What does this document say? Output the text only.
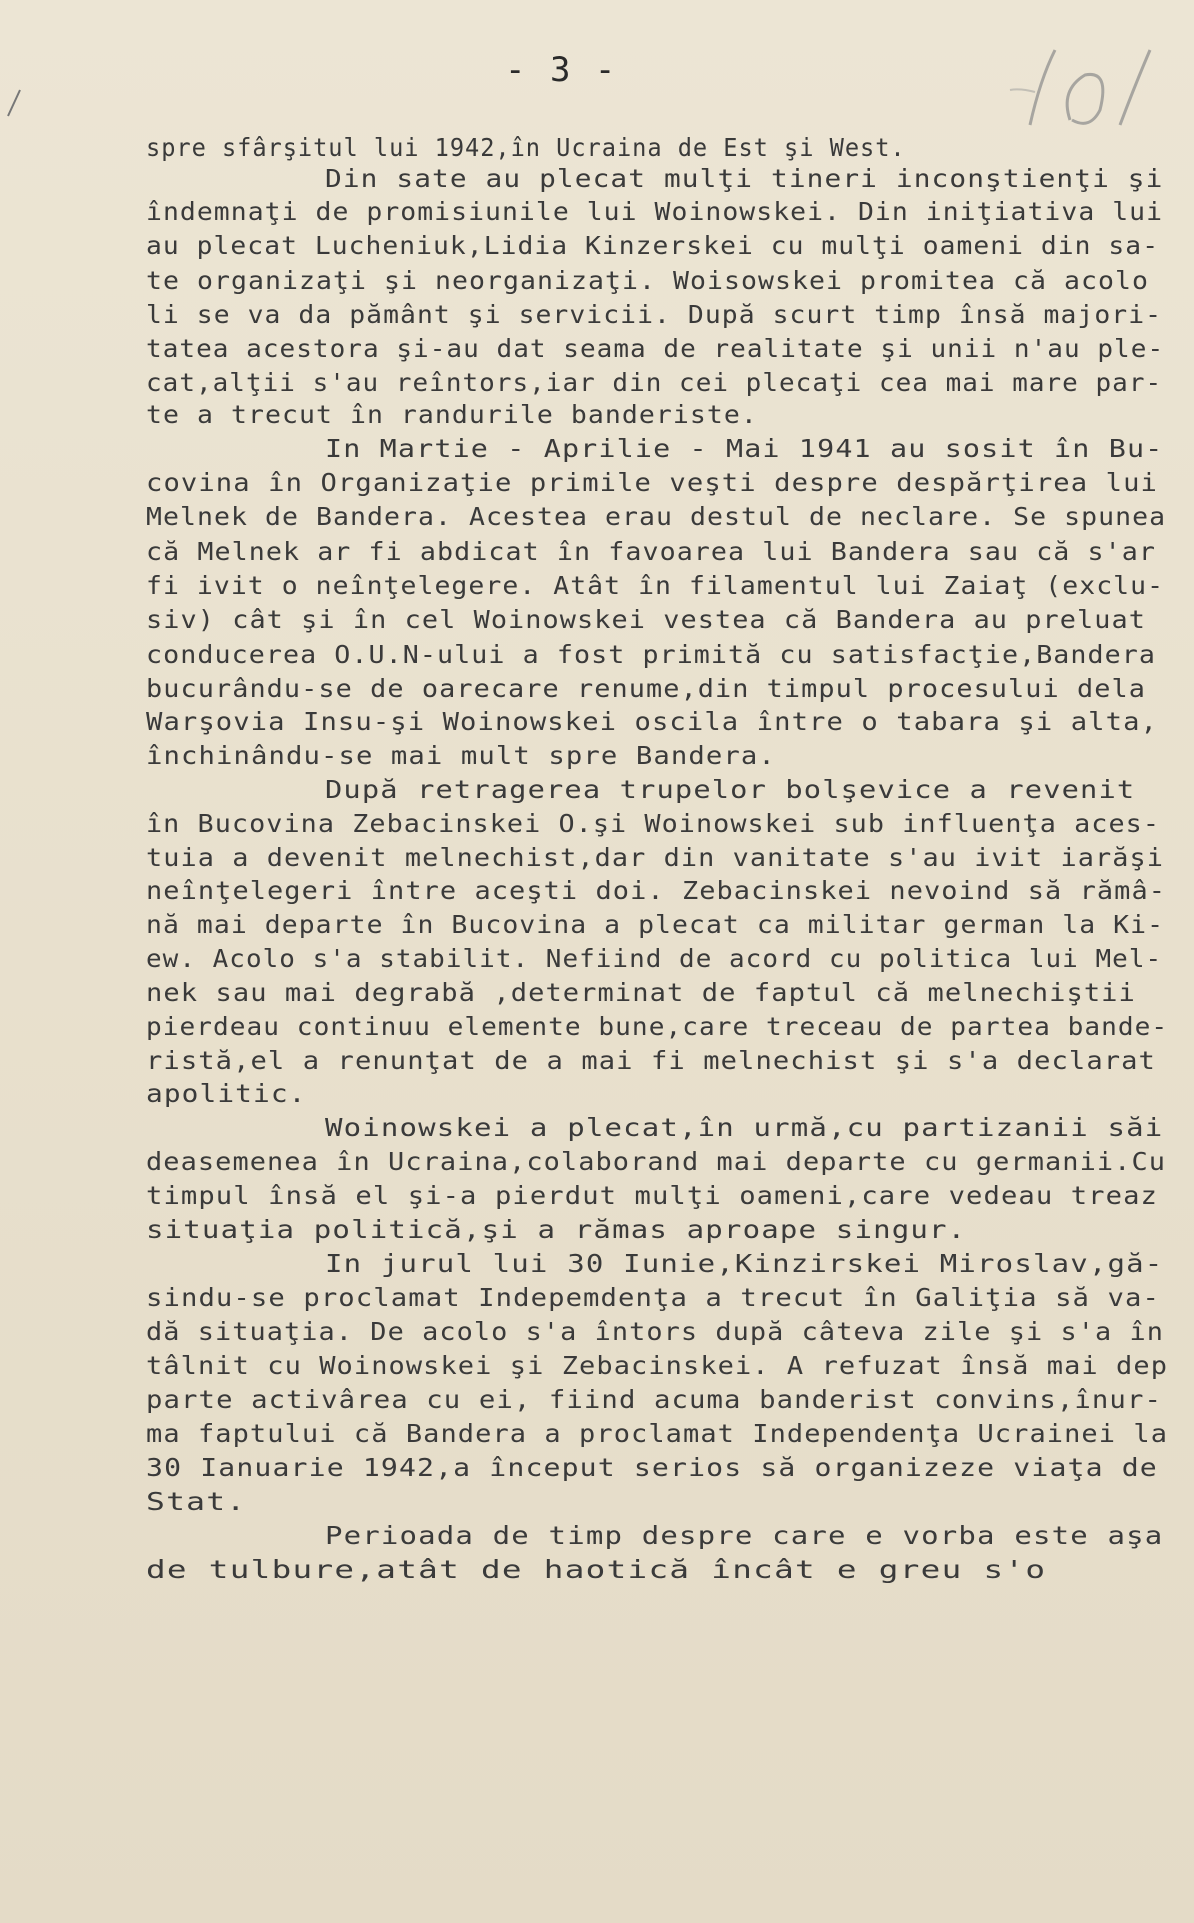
- 3 -
spre sfârşitul lui 1942,în Ucraina de Est şi West.
Din sate au plecat mulţi tineri inconştienţi şi
îndemnaţi de promisiunile lui Woinowskei. Din iniţiativa lui
au plecat Lucheniuk,Lidia Kinzerskei cu mulţi oameni din sa-
te organizaţi şi neorganizaţi. Woisowskei promitea că acolo
li se va da pământ şi servicii. După scurt timp însă majori-
tatea acestora şi-au dat seama de realitate şi unii n'au ple-
cat,alţii s'au reîntors,iar din cei plecaţi cea mai mare par-
te a trecut în randurile banderiste.
In Martie - Aprilie - Mai 1941 au sosit în Bu-
covina în Organizaţie primile veşti despre despărţirea lui
Melnek de Bandera. Acestea erau destul de neclare. Se spunea
că Melnek ar fi abdicat în favoarea lui Bandera sau că s'ar
fi ivit o neînţelegere. Atât în filamentul lui Zaiaţ (exclu-
siv) cât şi în cel Woinowskei vestea că Bandera au preluat
conducerea O.U.N-ului a fost primită cu satisfacţie,Bandera
bucurându-se de oarecare renume,din timpul procesului dela
Warşovia Insu-şi Woinowskei oscila între o tabara şi alta,
închinându-se mai mult spre Bandera.
După retragerea trupelor bolşevice a revenit
în Bucovina Zebacinskei O.şi Woinowskei sub influenţa aces-
tuia a devenit melnechist,dar din vanitate s'au ivit iarăşi
neînţelegeri între aceşti doi. Zebacinskei nevoind să rămâ-
nă mai departe în Bucovina a plecat ca militar german la Ki-
ew. Acolo s'a stabilit. Nefiind de acord cu politica lui Mel-
nek sau mai degrabă ,determinat de faptul că melnechiştii
pierdeau continuu elemente bune,care treceau de partea bande-
ristă,el a renunţat de a mai fi melnechist şi s'a declarat
apolitic.
Woinowskei a plecat,în urmă,cu partizanii săi
deasemenea în Ucraina,colaborand mai departe cu germanii.Cu
timpul însă el şi-a pierdut mulţi oameni,care vedeau treaz
situaţia politică,şi a rămas aproape singur.
In jurul lui 30 Iunie,Kinzirskei Miroslav,gă-
sindu-se proclamat Indepemdenţa a trecut în Galiţia să va-
dă situaţia. De acolo s'a întors după câteva zile şi s'a în
tâlnit cu Woinowskei şi Zebacinskei. A refuzat însă mai dep
parte activârea cu ei, fiind acuma banderist convins,înur-
ma faptului că Bandera a proclamat Independenţa Ucrainei la
30 Ianuarie 1942,a început serios să organizeze viaţa de
Stat.
Perioada de timp despre care e vorba este aşa
de tulbure,atât de haotică încât e greu s'o
